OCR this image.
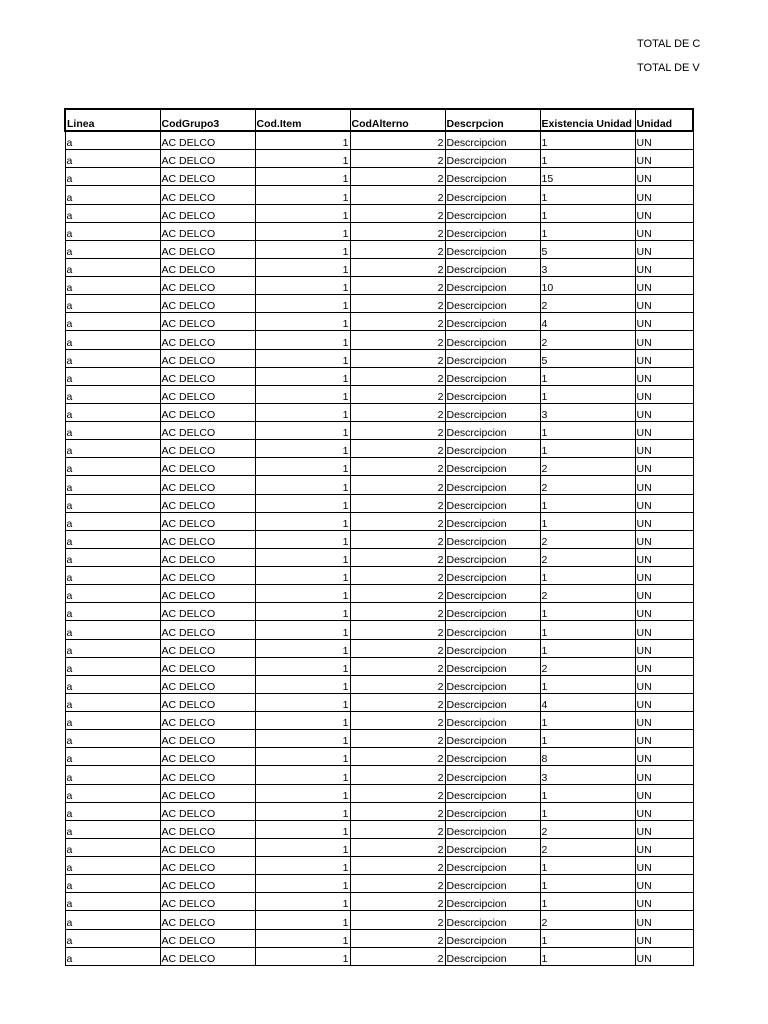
TOTAL DE C
TOTAL DE V
Linea	CodGrupo3	Cod.Item	CodAlterno	Descrpcion	Existencia Unidad	Unidad
a	AC DELCO	1	2	Descrcipcion	1	UN
a	AC DELCO	1	2	Descrcipcion	1	UN
a	AC DELCO	1	2	Descrcipcion	15	UN
a	AC DELCO	1	2	Descrcipcion	1	UN
a	AC DELCO	1	2	Descrcipcion	1	UN
a	AC DELCO	1	2	Descrcipcion	1	UN
a	AC DELCO	1	2	Descrcipcion	5	UN
a	AC DELCO	1	2	Descrcipcion	3	UN
a	AC DELCO	1	2	Descrcipcion	10	UN
a	AC DELCO	1	2	Descrcipcion	2	UN
a	AC DELCO	1	2	Descrcipcion	4	UN
a	AC DELCO	1	2	Descrcipcion	2	UN
a	AC DELCO	1	2	Descrcipcion	5	UN
a	AC DELCO	1	2	Descrcipcion	1	UN
a	AC DELCO	1	2	Descrcipcion	1	UN
a	AC DELCO	1	2	Descrcipcion	3	UN
a	AC DELCO	1	2	Descrcipcion	1	UN
a	AC DELCO	1	2	Descrcipcion	1	UN
a	AC DELCO	1	2	Descrcipcion	2	UN
a	AC DELCO	1	2	Descrcipcion	2	UN
a	AC DELCO	1	2	Descrcipcion	1	UN
a	AC DELCO	1	2	Descrcipcion	1	UN
a	AC DELCO	1	2	Descrcipcion	2	UN
a	AC DELCO	1	2	Descrcipcion	2	UN
a	AC DELCO	1	2	Descrcipcion	1	UN
a	AC DELCO	1	2	Descrcipcion	2	UN
a	AC DELCO	1	2	Descrcipcion	1	UN
a	AC DELCO	1	2	Descrcipcion	1	UN
a	AC DELCO	1	2	Descrcipcion	1	UN
a	AC DELCO	1	2	Descrcipcion	2	UN
a	AC DELCO	1	2	Descrcipcion	1	UN
a	AC DELCO	1	2	Descrcipcion	4	UN
a	AC DELCO	1	2	Descrcipcion	1	UN
a	AC DELCO	1	2	Descrcipcion	1	UN
a	AC DELCO	1	2	Descrcipcion	8	UN
a	AC DELCO	1	2	Descrcipcion	3	UN
a	AC DELCO	1	2	Descrcipcion	1	UN
a	AC DELCO	1	2	Descrcipcion	1	UN
a	AC DELCO	1	2	Descrcipcion	2	UN
a	AC DELCO	1	2	Descrcipcion	2	UN
a	AC DELCO	1	2	Descrcipcion	1	UN
a	AC DELCO	1	2	Descrcipcion	1	UN
a	AC DELCO	1	2	Descrcipcion	1	UN
a	AC DELCO	1	2	Descrcipcion	2	UN
a	AC DELCO	1	2	Descrcipcion	1	UN
a	AC DELCO	1	2	Descrcipcion	1	UN
